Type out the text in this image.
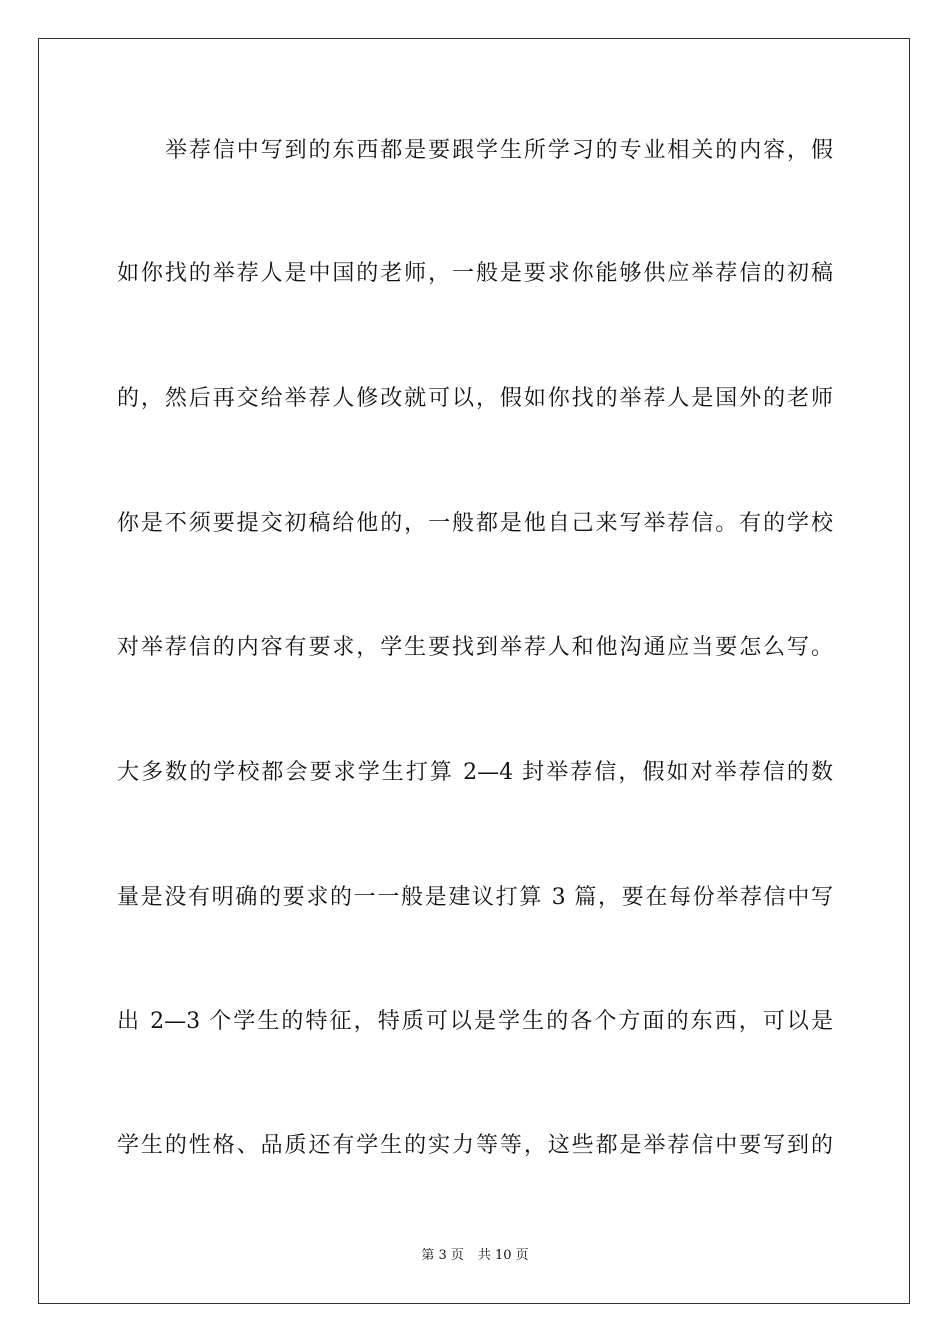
举荐信中写到的东西都是要跟学生所学习的专业相关的内容，假
如你找的举荐人是中国的老师，一般是要求你能够供应举荐信的初稿
的，然后再交给举荐人修改就可以，假如你找的举荐人是国外的老师
你是不须要提交初稿给他的，一般都是他自己来写举荐信。有的学校
对举荐信的内容有要求，学生要找到举荐人和他沟通应当要怎么写。
大多数的学校都会要求学生打算 2—4 封举荐信，假如对举荐信的数
量是没有明确的要求的一一般是建议打算 3 篇，要在每份举荐信中写
出 2—3 个学生的特征，特质可以是学生的各个方面的东西，可以是
学生的性格、品质还有学生的实力等等，这些都是举荐信中要写到的
第 3 页 共 10 页
